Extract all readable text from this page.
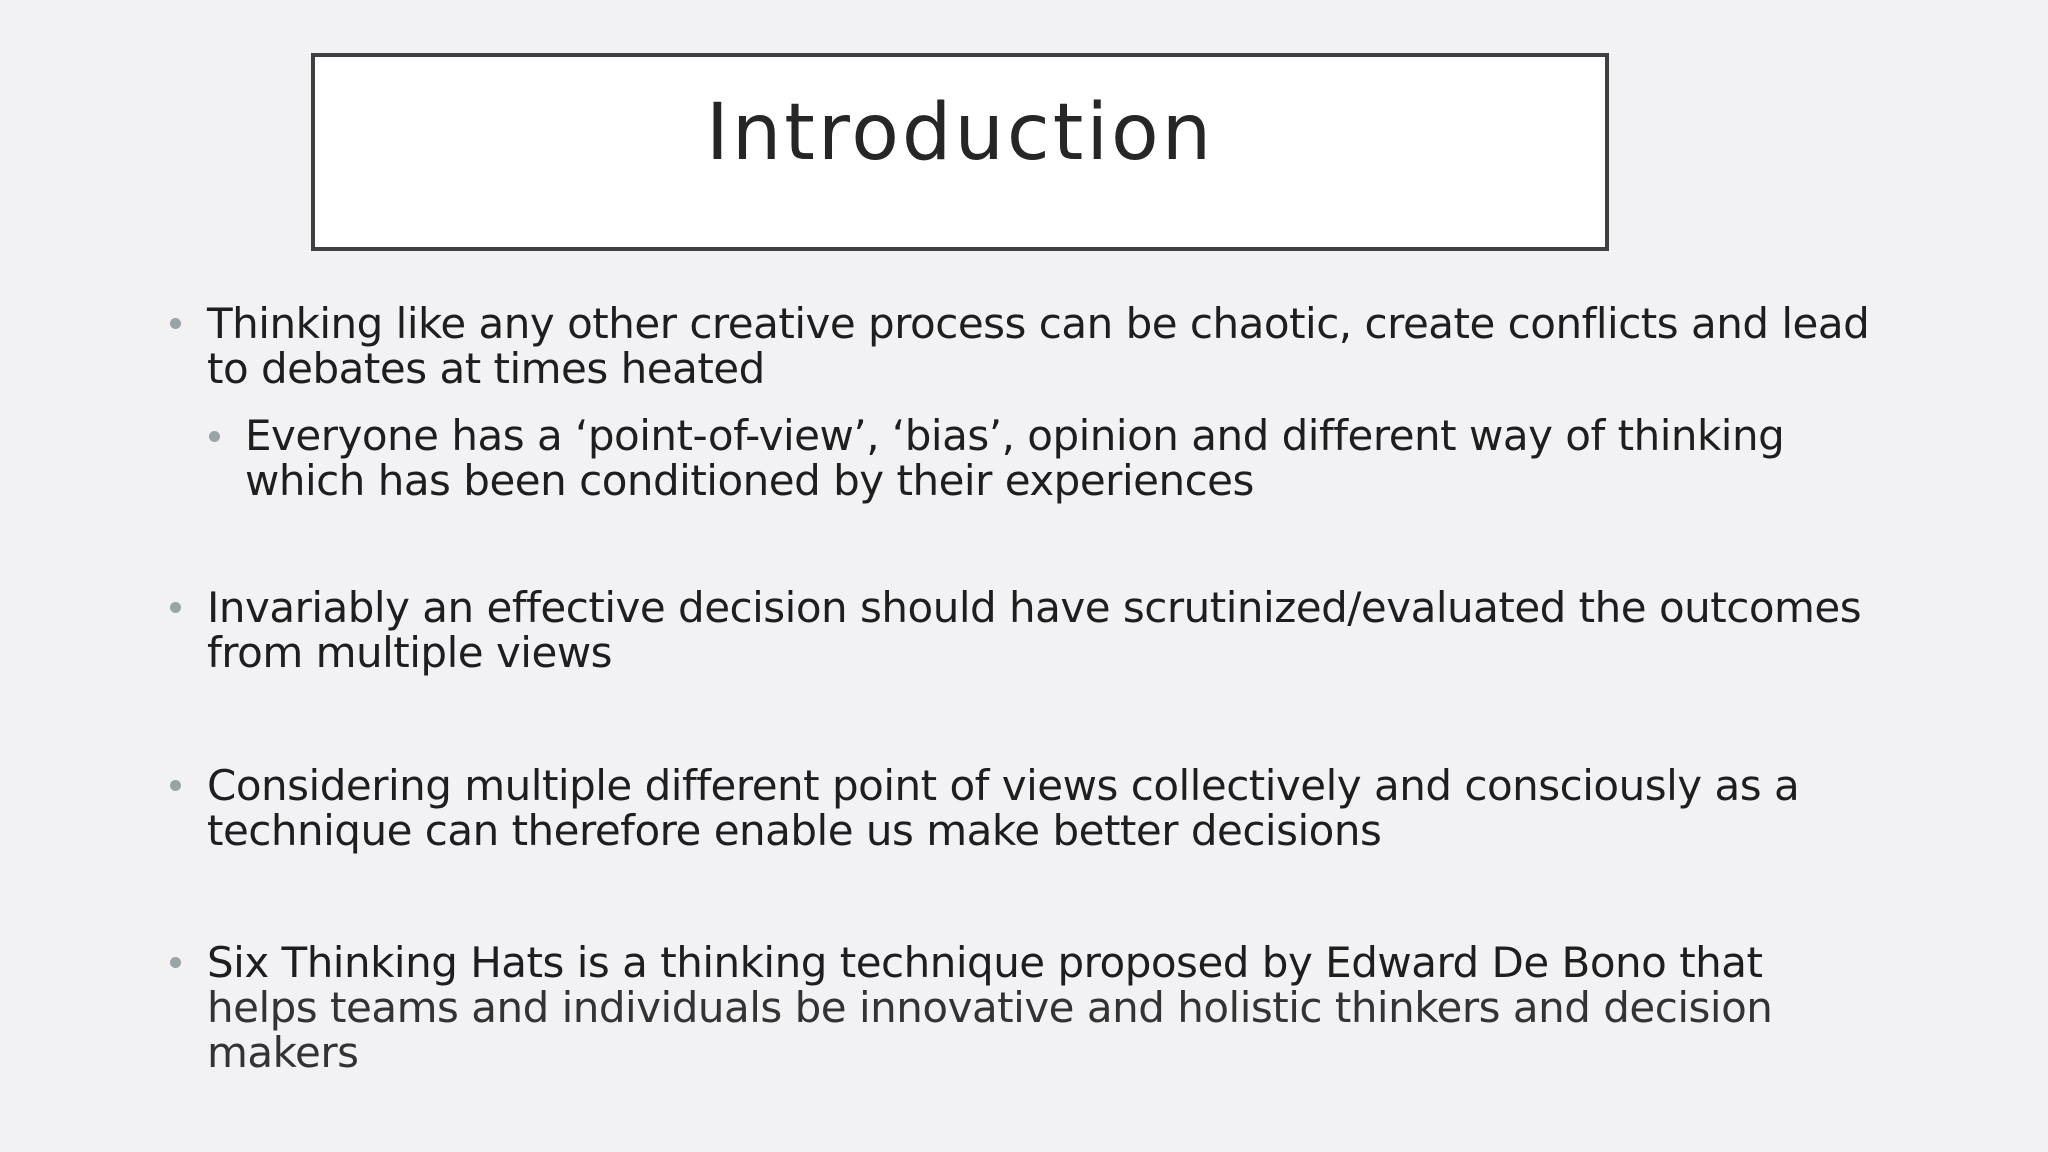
Introduction
Thinking like any other creative process can be chaotic, create conflicts and lead
to debates at times heated
Everyone has a ‘point-of-view’, ‘bias’, opinion and different way of thinking
which has been conditioned by their experiences
Invariably an effective decision should have scrutinized/evaluated the outcomes
from multiple views
Considering multiple different point of views collectively and consciously as a
technique can therefore enable us make better decisions
Six Thinking Hats is a thinking technique proposed by Edward De Bono that
helps teams and individuals be innovative and holistic thinkers and decision
makers
